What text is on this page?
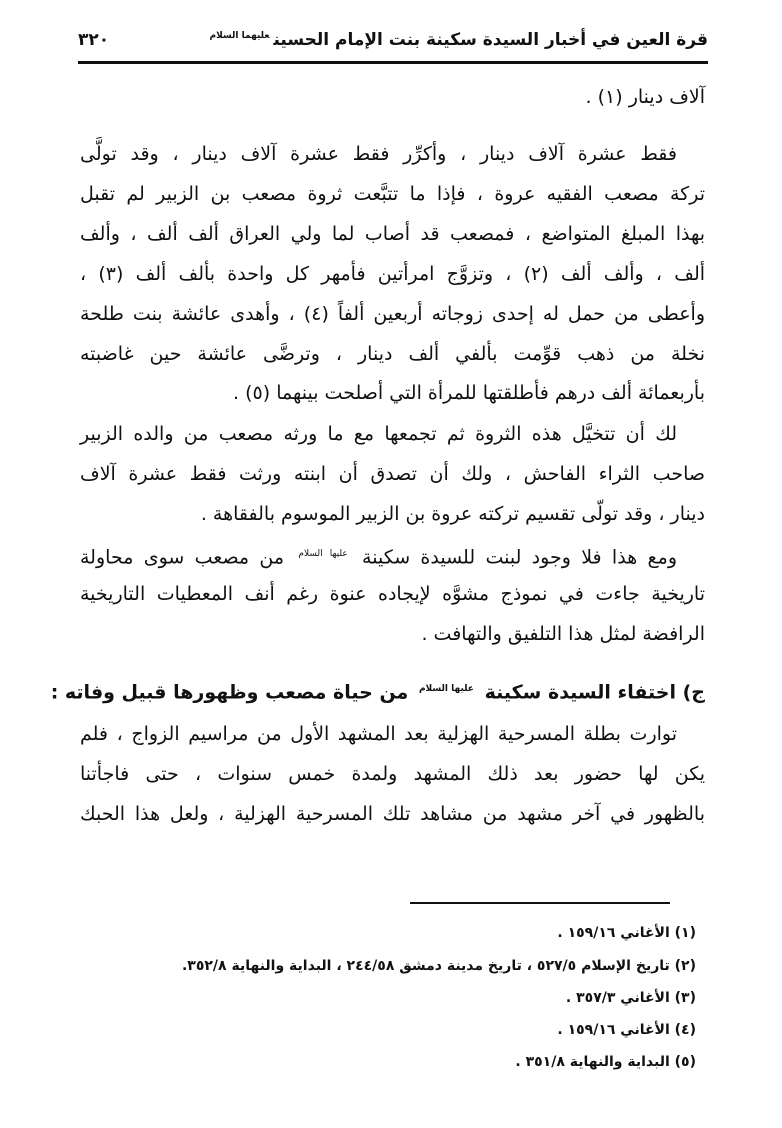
قرة العين في أخبار السيدة سكينة بنت الإمام الحسين$^{عليهما السلام}$
٣٢٠
آلاف دينار (١) .
فقط عشرة آلاف دينار ، وأكرِّر فقط عشرة آلاف دينار ، وقد تولَّى
تركة مصعب الفقيه عروة ، فإذا ما تتبَّعت ثروة مصعب بن الزبير لم تقبل
بهذا المبلغ المتواضع ، فمصعب قد أصاب لما ولي العراق ألف ألف ، وألف
ألف ، وألف ألف (٢) ، وتزوَّج امرأتين فأمهر كل واحدة بألف ألف (٣) ،
وأعطى من حمل له إحدى زوجاته أربعين ألفاً (٤) ، وأهدى عائشة بنت طلحة
نخلة من ذهب قوِّمت بألفي ألف دينار ، وترضَّى عائشة حين غاضبته
بأربعمائة ألف درهم فأطلقتها للمرأة التي أصلحت بينهما (٥) .
لك أن تتخيَّل هذه الثروة ثم تجمعها مع ما ورثه مصعب من والده الزبير
صاحب الثراء الفاحش ، ولك أن تصدق أن ابنته ورثت فقط عشرة آلاف
دينار ، وقد تولّى تقسيم تركته عروة بن الزبير الموسوم بالفقاهة .
ومع هذا فلا وجود لبنت للسيدة سكينة $^{عليها السلام}$ من مصعب سوى محاولة
تاريخية جاءت في نموذج مشوَّه لإيجاده عنوة رغم أنف المعطيات التاريخية
الرافضة لمثل هذا التلفيق والتهافت .
ج) اختفاء السيدة سكينة $^{عليها السلام}$ من حياة مصعب وظهورها قبيل وفاته :
توارت بطلة المسرحية الهزلية بعد المشهد الأول من مراسيم الزواج ، فلم
يكن لها حضور بعد ذلك المشهد ولمدة خمس سنوات ، حتى فاجأتنا
بالظهور في آخر مشهد من مشاهد تلك المسرحية الهزلية ، ولعل هذا الحبك
(١) الأغاني ١٥٩/١٦ .
(٢) تاريخ الإسلام ٥٢٧/٥ ، تاريخ مدينة دمشق ٢٤٤/٥٨ ، البداية والنهاية ٣٥٢/٨.
(٣) الأغاني ٣٥٧/٣ .
(٤) الأغاني ١٥٩/١٦ .
(٥) البداية والنهاية ٣٥١/٨ .
